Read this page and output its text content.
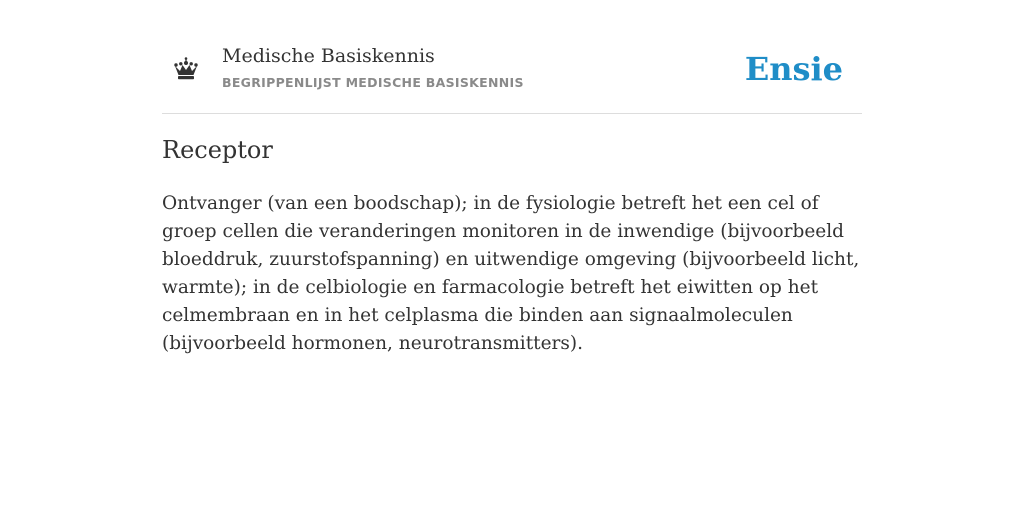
Medische Basiskennis
BEGRIPPENLIJST MEDISCHE BASISKENNIS	Ensie
Receptor

Ontvanger (van een boodschap); in de fysiologie betreft het een cel of groep cellen die veranderingen monitoren in de inwendige (bijvoorbeeld bloeddruk, zuurstofspanning) en uitwendige omgeving (bijvoorbeeld licht, warmte); in de celbiologie en farmacologie betreft het eiwitten op het celmembraan en in het celplasma die binden aan signaalmoleculen (bijvoorbeeld hormonen, neurotransmitters).
